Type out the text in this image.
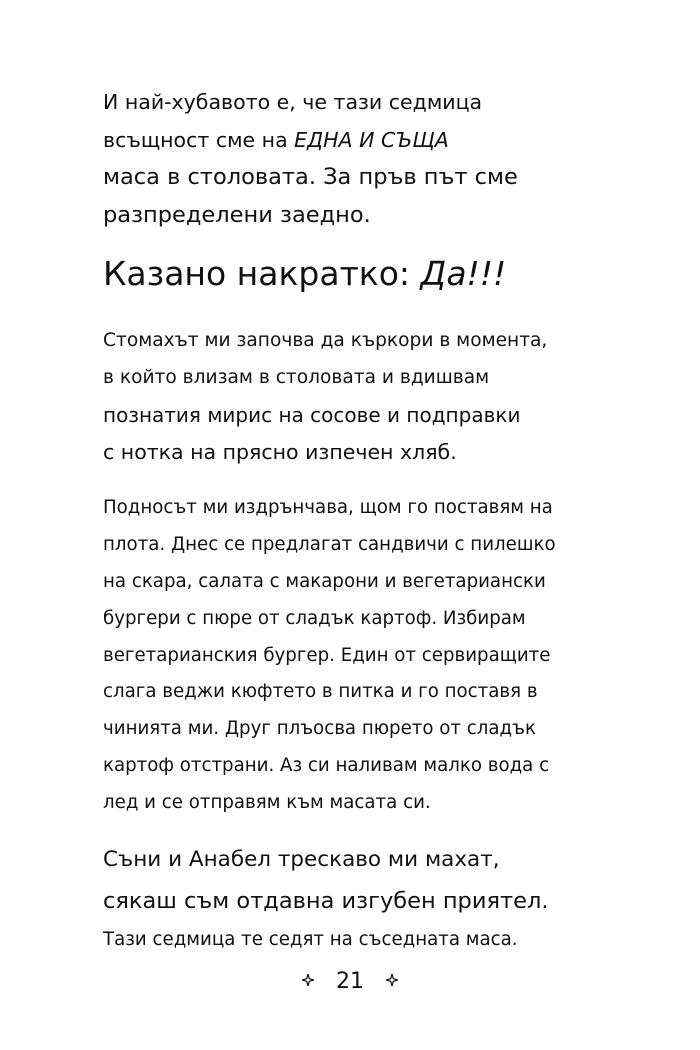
И най-хубавото е, че тази седмица
всъщност сме на ЕДНА И СЪЩА
маса в столовата. За пръв път сме
разпределени заедно.

Казано накратко: Да!!!

Стомахът ми започва да къркори в момента,
в който влизам в столовата и вдишвам
познатия мирис на сосове и подправки
с нотка на прясно изпечен хляб.

Подносът ми издрънчава, щом го поставям на
плота. Днес се предлагат сандвичи с пилешко
на скара, салата с макарони и вегетариански
бургери с пюре от сладък картоф. Избирам
вегетарианския бургер. Един от сервиращите
слага веджи кюфтето в питка и го поставя в
чинията ми. Друг плъосва пюрето от сладък
картоф отстрани. Аз си наливам малко вода с
лед и се отправям към масата си.

Съни и Анабел трескаво ми махат,
сякаш съм отдавна изгубен приятел.
Тази седмица те седят на съседната маса.

21
